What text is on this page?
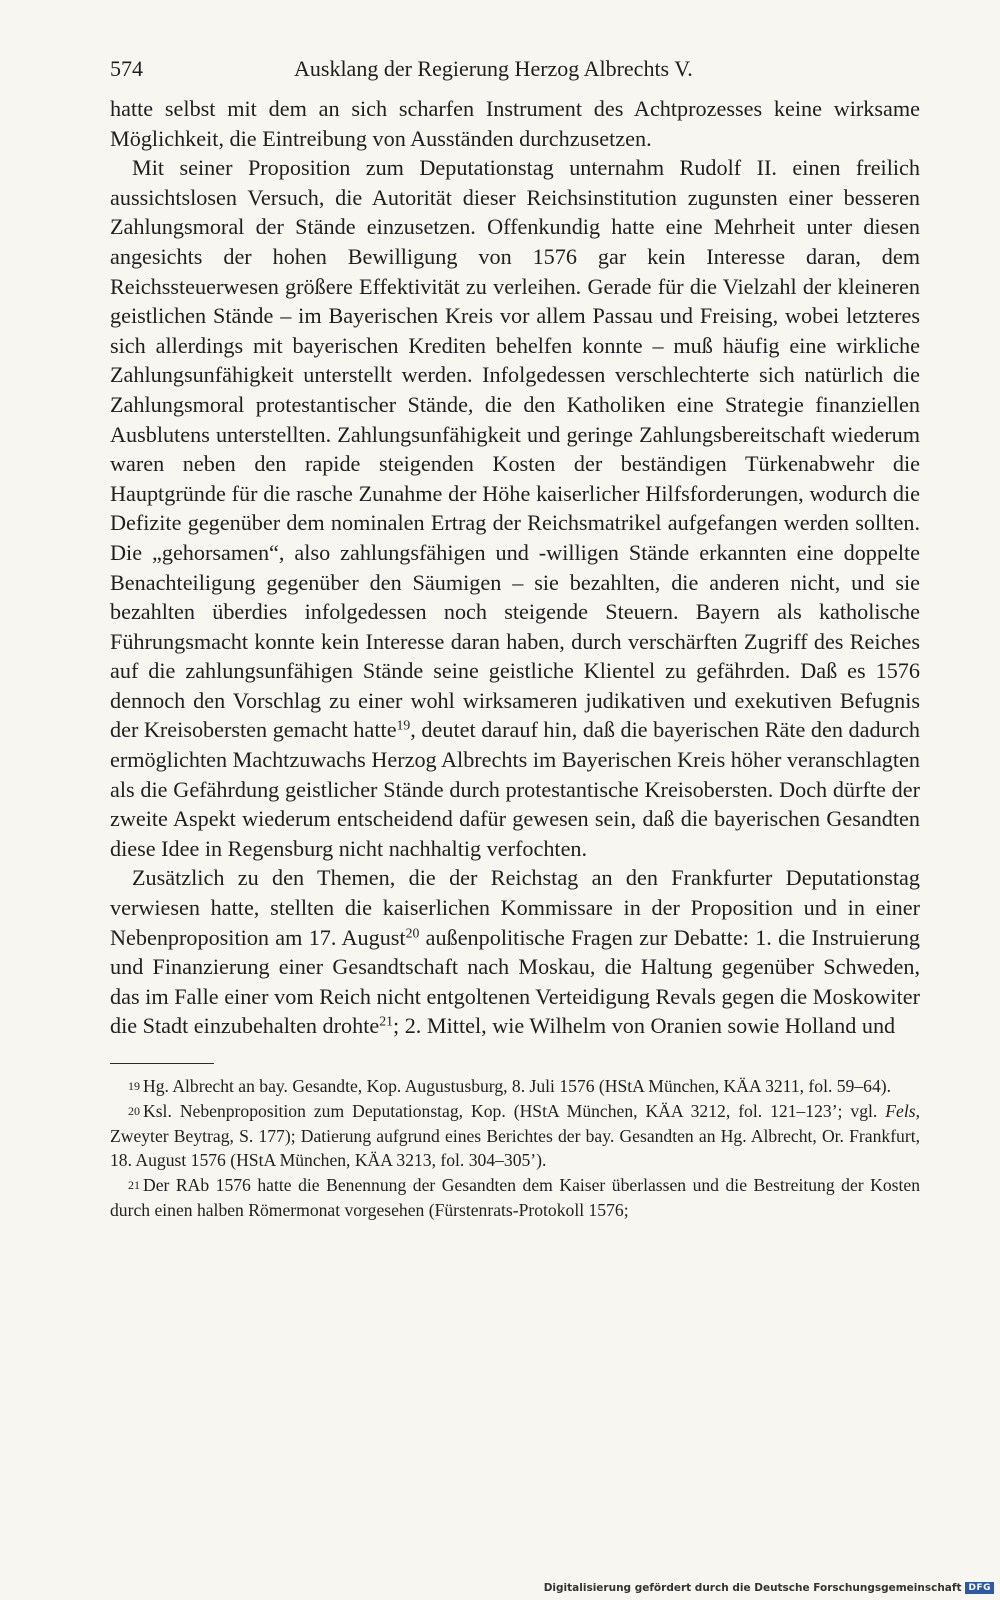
574	Ausklang der Regierung Herzog Albrechts V.

hatte selbst mit dem an sich scharfen Instrument des Achtprozesses keine wirksame Möglichkeit, die Eintreibung von Ausständen durchzusetzen.

Mit seiner Proposition zum Deputationstag unternahm Rudolf II. einen freilich aussichtslosen Versuch, die Autorität dieser Reichsinstitution zugunsten einer besseren Zahlungsmoral der Stände einzusetzen. Offenkundig hatte eine Mehrheit unter diesen angesichts der hohen Bewilligung von 1576 gar kein Interesse daran, dem Reichssteuerwesen größere Effektivität zu verleihen. Gerade für die Vielzahl der kleineren geistlichen Stände – im Bayerischen Kreis vor allem Passau und Freising, wobei letzteres sich allerdings mit bayerischen Krediten behelfen konnte – muß häufig eine wirkliche Zahlungsunfähigkeit unterstellt werden. Infolgedessen verschlechterte sich natürlich die Zahlungsmoral protestantischer Stände, die den Katholiken eine Strategie finanziellen Ausblutens unterstellten. Zahlungsunfähigkeit und geringe Zahlungsbereitschaft wiederum waren neben den rapide steigenden Kosten der beständigen Türkenabwehr die Hauptgründe für die rasche Zunahme der Höhe kaiserlicher Hilfsforderungen, wodurch die Defizite gegenüber dem nominalen Ertrag der Reichsmatrikel aufgefangen werden sollten. Die „gehorsamen“, also zahlungsfähigen und -willigen Stände erkannten eine doppelte Benachteiligung gegenüber den Säumigen – sie bezahlten, die anderen nicht, und sie bezahlten überdies infolgedessen noch steigende Steuern. Bayern als katholische Führungsmacht konnte kein Interesse daran haben, durch verschärften Zugriff des Reiches auf die zahlungsunfähigen Stände seine geistliche Klientel zu gefährden. Daß es 1576 dennoch den Vorschlag zu einer wohl wirksameren judikativen und exekutiven Befugnis der Kreisobersten gemacht hatte$^{19}$, deutet darauf hin, daß die bayerischen Räte den dadurch ermöglichten Machtzuwachs Herzog Albrechts im Bayerischen Kreis höher veranschlagten als die Gefährdung geistlicher Stände durch protestantische Kreisobersten. Doch dürfte der zweite Aspekt wiederum entscheidend dafür gewesen sein, daß die bayerischen Gesandten diese Idee in Regensburg nicht nachhaltig verfochten.

Zusätzlich zu den Themen, die der Reichstag an den Frankfurter Deputationstag verwiesen hatte, stellten die kaiserlichen Kommissare in der Proposition und in einer Nebenproposition am 17. August$^{20}$ außenpolitische Fragen zur Debatte: 1. die Instruierung und Finanzierung einer Gesandtschaft nach Moskau, die Haltung gegenüber Schweden, das im Falle einer vom Reich nicht entgoltenen Verteidigung Revals gegen die Moskowiter die Stadt einzubehalten drohte$^{21}$; 2. Mittel, wie Wilhelm von Oranien sowie Holland und

19 Hg. Albrecht an bay. Gesandte, Kop. Augustusburg, 8. Juli 1576 (HStA München, KÄA 3211, fol. 59–64).

20 Ksl. Nebenproposition zum Deputationstag, Kop. (HStA München, KÄA 3212, fol. 121–123’; vgl. Fels, Zweyter Beytrag, S. 177); Datierung aufgrund eines Berichtes der bay. Gesandten an Hg. Albrecht, Or. Frankfurt, 18. August 1576 (HStA München, KÄA 3213, fol. 304–305’).

21 Der RAb 1576 hatte die Benennung der Gesandten dem Kaiser überlassen und die Bestreitung der Kosten durch einen halben Römermonat vorgesehen (Fürstenrats-Protokoll 1576;

Digitalisierung gefördert durch die Deutsche Forschungsgemeinschaft DFG
